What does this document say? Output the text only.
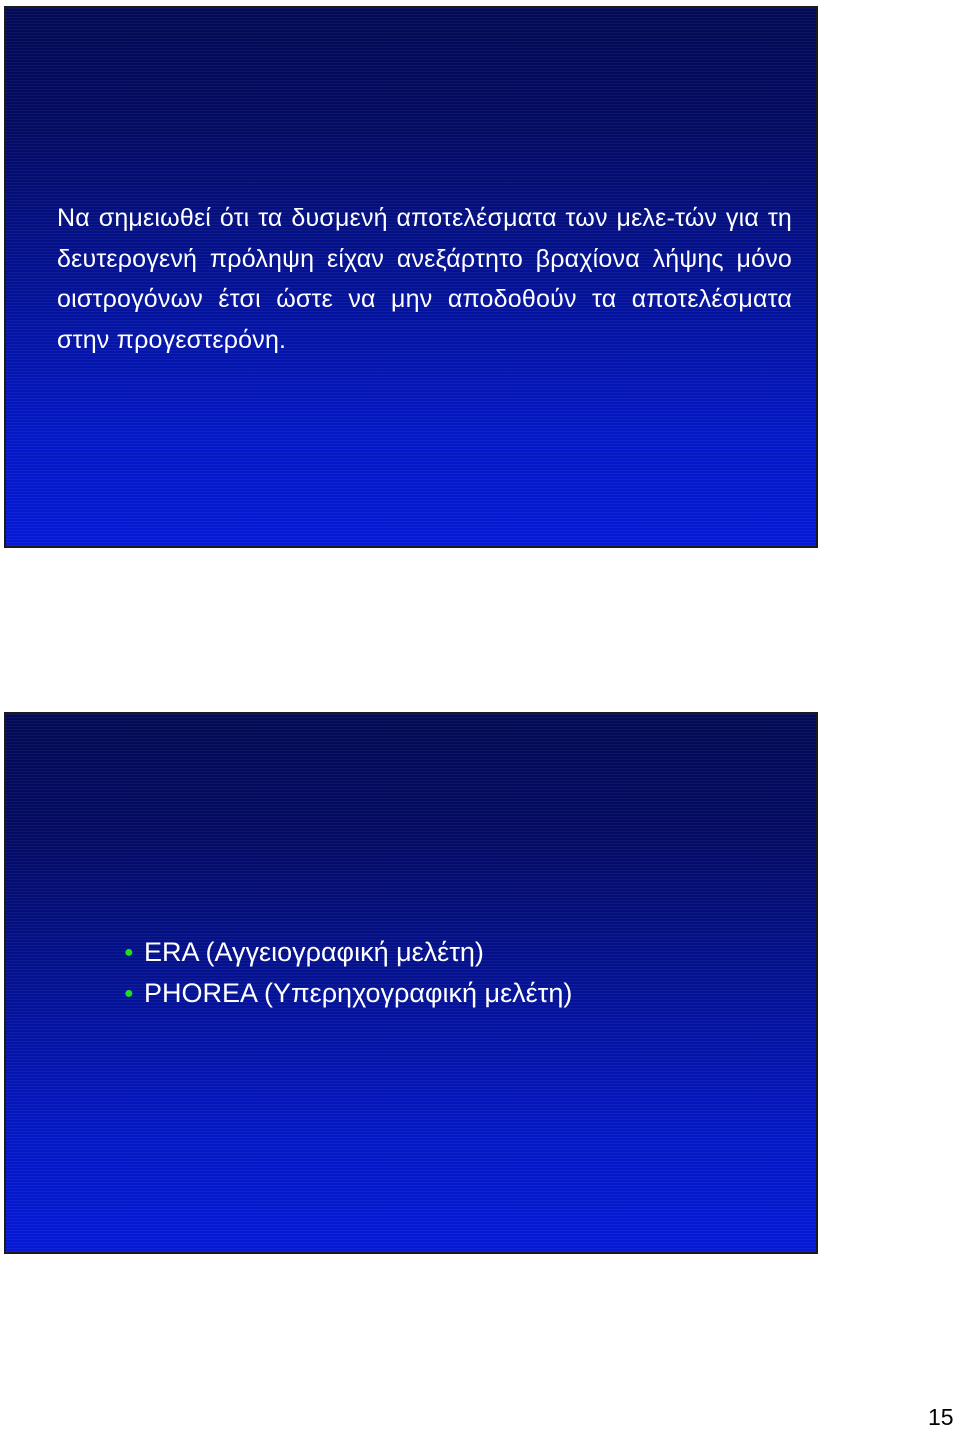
Να σημειωθεί ότι τα δυσμενή αποτελέσματα των μελε-τών για τη δευτερογενή πρόληψη είχαν ανεξάρτητο βραχίονα λήψης μόνο οιστρογόνων έτσι ώστε να μην αποδοθούν τα αποτελέσματα στην προγεστερόνη.

● ERA (Αγγειογραφική μελέτη)
● PHOREA (Υπερηχογραφική μελέτη)
15
